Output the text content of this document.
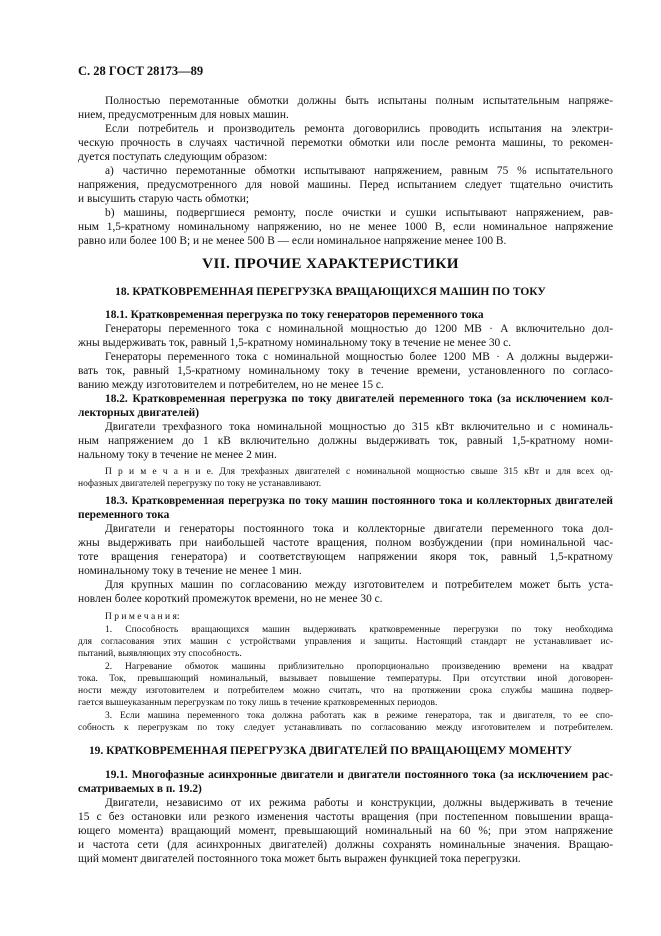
С. 28 ГОСТ 28173—89
Полностью перемотанные обмотки должны быть испытаны полным испытательным напряже-
нием, предусмотренным для новых машин.
Если потребитель и производитель ремонта договорились проводить испытания на электри-
ческую прочность в случаях частичной перемотки обмотки или после ремонта машины, то рекомен-
дуется поступать следующим образом:
а) частично перемотанные обмотки испытывают напряжением, равным 75 % испытательного
напряжения, предусмотренного для новой машины. Перед испытанием следует тщательно очистить
и высушить старую часть обмотки;
b) машины, подвергшиеся ремонту, после очистки и сушки испытывают напряжением, рав-
ным 1,5-кратному номинальному напряжению, но не менее 1000 В, если номинальное напряжение
равно или более 100 В; и не менее 500 В — если номинальное напряжение менее 100 В.
VII. ПРОЧИЕ ХАРАКТЕРИСТИКИ
18. КРАТКОВРЕМЕННАЯ ПЕРЕГРУЗКА ВРАЩАЮЩИХСЯ МАШИН ПО ТОКУ
18.1. Кратковременная перегрузка по току генераторов переменного тока
Генераторы переменного тока с номинальной мощностью до 1200 МВ · А включительно дол-
жны выдерживать ток, равный 1,5-кратному номинальному току в течение не менее 30 с.
Генераторы переменного тока с номинальной мощностью более 1200 МВ · А должны выдержи-
вать ток, равный 1,5-кратному номинальному току в течение времени, установленного по согласо-
ванию между изготовителем и потребителем, но не менее 15 с.
18.2. Кратковременная перегрузка по току двигателей переменного тока (за исключением кол-
лекторных двигателей)
Двигатели трехфазного тока номинальной мощностью до 315 кВт включительно и с номиналь-
ным напряжением до 1 кВ включительно должны выдерживать ток, равный 1,5-кратному номи-
нальному току в течение не менее 2 мин.
П р и м е ч а н и е. Для трехфазных двигателей с номинальной мощностью свыше 315 кВт и для всех од-
нофазных двигателей перегрузку по току не устанавливают.
18.3. Кратковременная перегрузка по току машин постоянного тока и коллекторных двигателей
переменного тока
Двигатели и генераторы постоянного тока и коллекторные двигатели переменного тока дол-
жны выдерживать при наибольшей частоте вращения, полном возбуждении (при номинальной час-
тоте вращения генератора) и соответствующем напряжении якоря ток, равный 1,5-кратному
номинальному току в течение не менее 1 мин.
Для крупных машин по согласованию между изготовителем и потребителем может быть уста-
новлен более короткий промежуток времени, но не менее 30 с.
П р и м е ч а н и я:
1. Способность вращающихся машин выдерживать кратковременные перегрузки по току необходима
для согласования этих машин с устройствами управления и защиты. Настоящий стандарт не устанавливает ис-
пытаний, выявляющих эту способность.
2. Нагревание обмоток машины приблизительно пропорционально произведению времени на квадрат
тока. Ток, превышающий номинальный, вызывает повышение температуры. При отсутствии иной договорен-
ности между изготовителем и потребителем можно считать, что на протяжении срока службы машина подвер-
гается вышеуказанным перегрузкам по току лишь в течение кратковременных периодов.
3. Если машина переменного тока должна работать как в режиме генератора, так и двигателя, то ее спо-
собность к перегрузкам по току следует устанавливать по согласованию между изготовителем и потребителем.
19. КРАТКОВРЕМЕННАЯ ПЕРЕГРУЗКА ДВИГАТЕЛЕЙ ПО ВРАЩАЮЩЕМУ МОМЕНТУ
19.1. Многофазные асинхронные двигатели и двигатели постоянного тока (за исключением рас-
сматриваемых в п. 19.2)
Двигатели, независимо от их режима работы и конструкции, должны выдерживать в течение
15 с без остановки или резкого изменения частоты вращения (при постепенном повышении враща-
ющего момента) вращающий момент, превышающий номинальный на 60 %; при этом напряжение
и частота сети (для асинхронных двигателей) должны сохранять номинальные значения. Вращаю-
щий момент двигателей постоянного тока может быть выражен функцией тока перегрузки.
